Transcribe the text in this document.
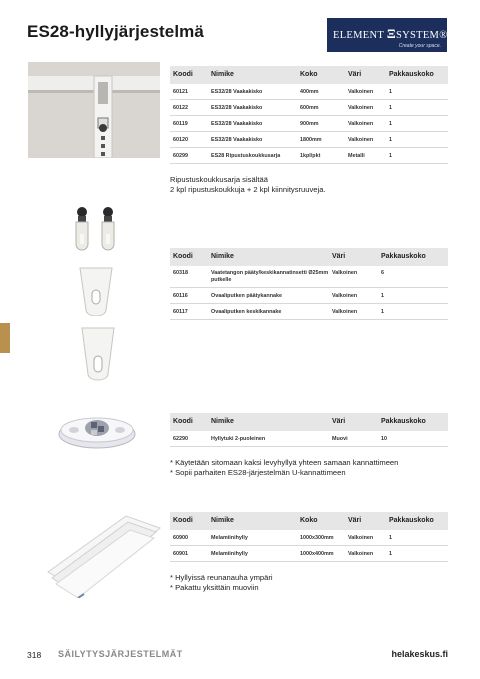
ES28-hyllyjärjestelmä	ELEMENT ΞSYSTEM®
Create your space.
Koodi	Nimike	Koko	Väri	Pakkauskoko
60121	ES32/28 Vaakakisko	400mm	Valkoinen	1
60122	ES32/28 Vaakakisko	600mm	Valkoinen	1
60119	ES32/28 Vaakakisko	900mm	Valkoinen	1
60120	ES32/28 Vaakakisko	1800mm	Valkoinen	1
60299	ES28 Ripustuskoukkusarja	1kpl/pkt	Metalli	1
Ripustuskoukkusarja sisältää
2 kpl ripustuskoukkuja + 2 kpl kiinnitysruuveja.
Koodi	Nimike	Väri	Pakkauskoko
60318	Vaatetangon pääty/keskikannatinsetti Ø25mm putkelle
Valkoinen	6
60116	Ovaaliputken päätykannake	Valkoinen	1
60117	Ovaaliputken keskikannake	Valkoinen	1
Koodi	Nimike	Väri	Pakkauskoko
62290	Hyllytuki 2-puoleinen	Muovi	10
* Käytetään sitomaan kaksi levyhyllyä yhteen samaan kannattimeen
* Sopii parhaiten ES28-järjestelmän U-kannattimeen
Koodi	Nimike	Koko	Väri	Pakkauskoko
60900	Melamiinihylly	1000x300mm	Valkoinen	1
60901	Melamiinihylly	1000x400mm	Valkoinen	1
* Hyllyissä reunanauha ympäri
* Pakattu yksittäin muoviin
318 SÄILYTYSJÄRJESTELMÄT	helakeskus.fi
